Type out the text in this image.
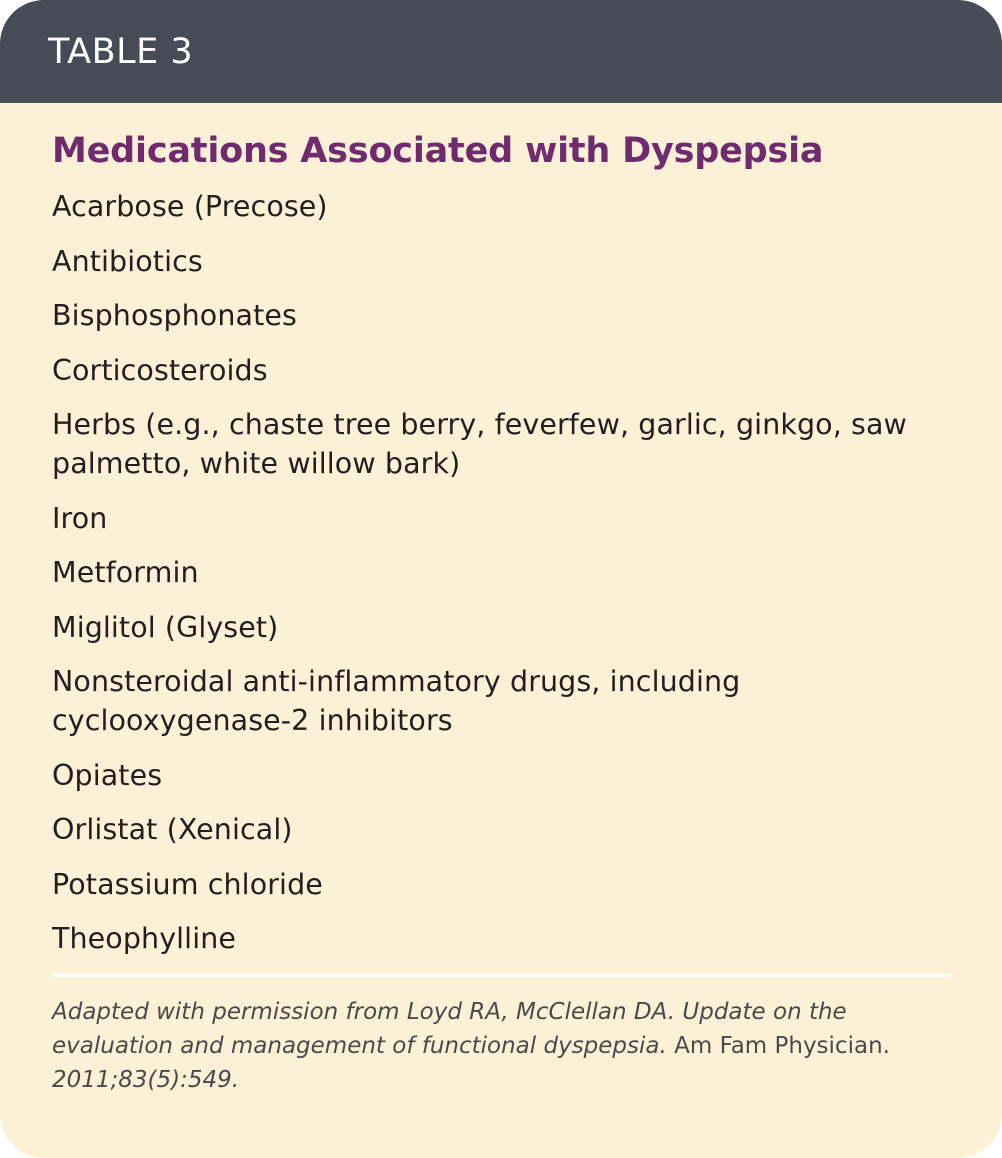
TABLE 3
Medications Associated with Dyspepsia
Acarbose (Precose)
Antibiotics
Bisphosphonates
Corticosteroids
Herbs (e.g., chaste tree berry, feverfew, garlic, ginkgo, saw palmetto, white willow bark)
Iron
Metformin
Miglitol (Glyset)
Nonsteroidal anti-inflammatory drugs, including cyclooxygenase-2 inhibitors
Opiates
Orlistat (Xenical)
Potassium chloride
Theophylline

Adapted with permission from Loyd RA, McClellan DA. Update on the evaluation and management of functional dyspepsia. Am Fam Physician. 2011;83(5):549.
